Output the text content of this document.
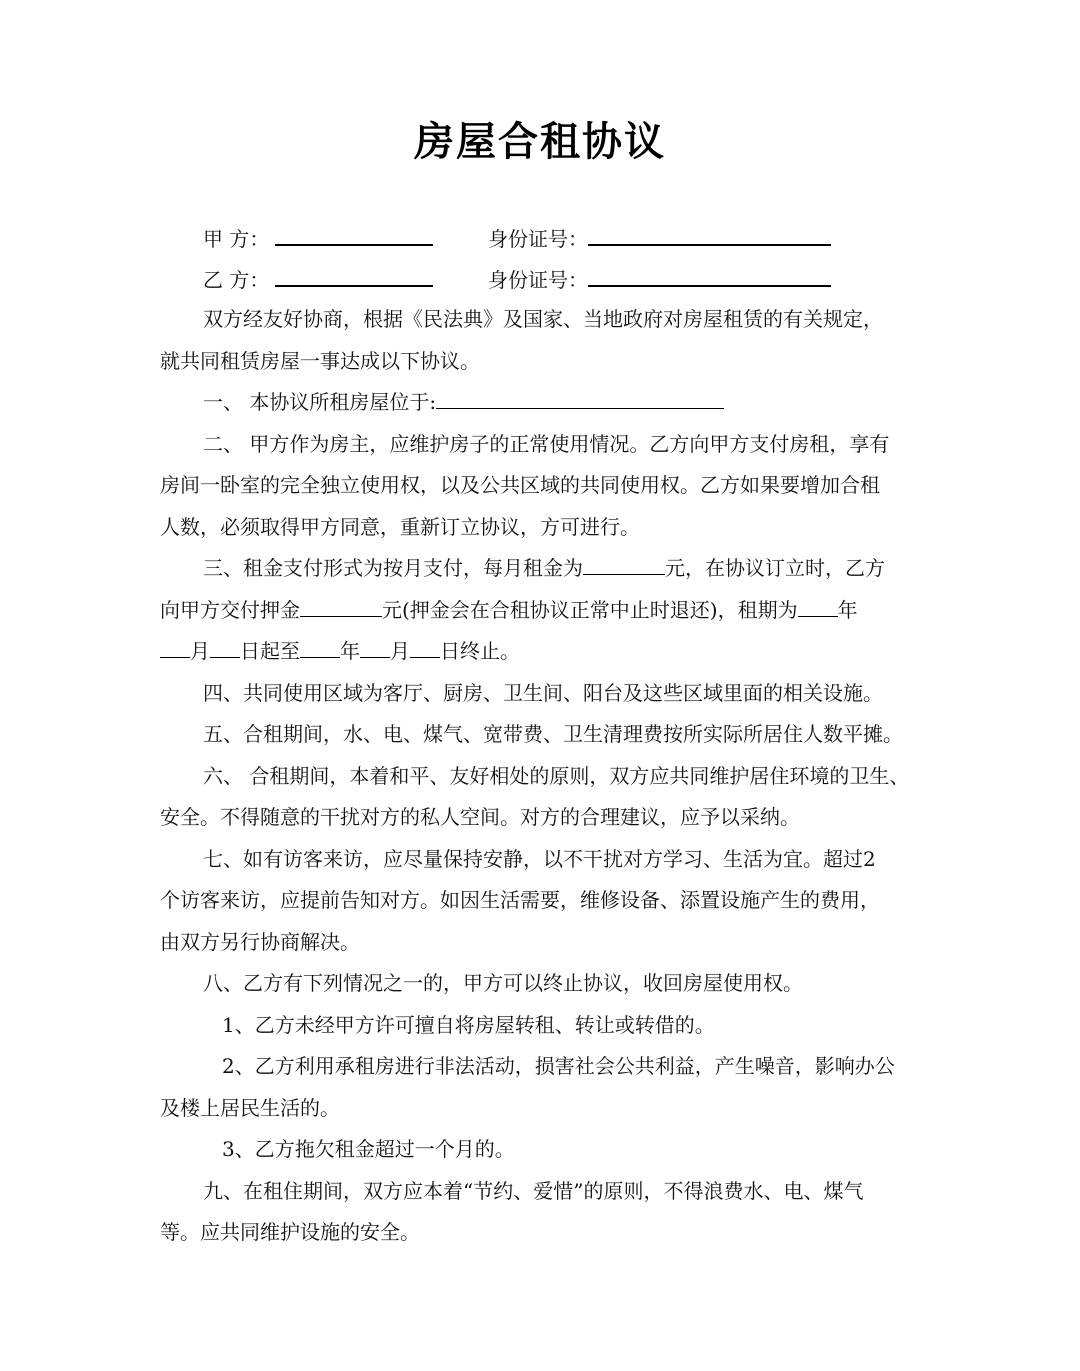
房屋合租协议
甲 方：	身份证号：
乙 方：	身份证号：
双方经友好协商，根据《民法典》及国家、当地政府对房屋租赁的有关规定，
就共同租赁房屋一事达成以下协议。
一、 本协议所租房屋位于:
二、 甲方作为房主，应维护房子的正常使用情况。乙方向甲方支付房租，享有
房间一卧室的完全独立使用权，以及公共区域的共同使用权。乙方如果要增加合租
人数，必须取得甲方同意，重新订立协议，方可进行。
三、租金支付形式为按月支付，每月租金为	元，在协议订立时，乙方
向甲方交付押金	元(押金会在合租协议正常中止时退还)，租期为 年
月 日起至 年 月 日终止。
四、共同使用区域为客厅、厨房、卫生间、阳台及这些区域里面的相关设施。
五、合租期间，水、电、煤气、宽带费、卫生清理费按所实际所居住人数平摊。
六、 合租期间，本着和平、友好相处的原则，双方应共同维护居住环境的卫生、
安全。不得随意的干扰对方的私人空间。对方的合理建议，应予以采纳。
七、如有访客来访，应尽量保持安静，以不干扰对方学习、生活为宜。超过2
个访客来访，应提前告知对方。如因生活需要，维修设备、添置设施产生的费用，
由双方另行协商解决。
八、乙方有下列情况之一的，甲方可以终止协议，收回房屋使用权。
1、乙方未经甲方许可擅自将房屋转租、转让或转借的。
2、乙方利用承租房进行非法活动，损害社会公共利益，产生噪音，影响办公
及楼上居民生活的。
3、乙方拖欠租金超过一个月的。
九、在租住期间，双方应本着“节约、爱惜”的原则，不得浪费水、电、煤气
等。应共同维护设施的安全。
